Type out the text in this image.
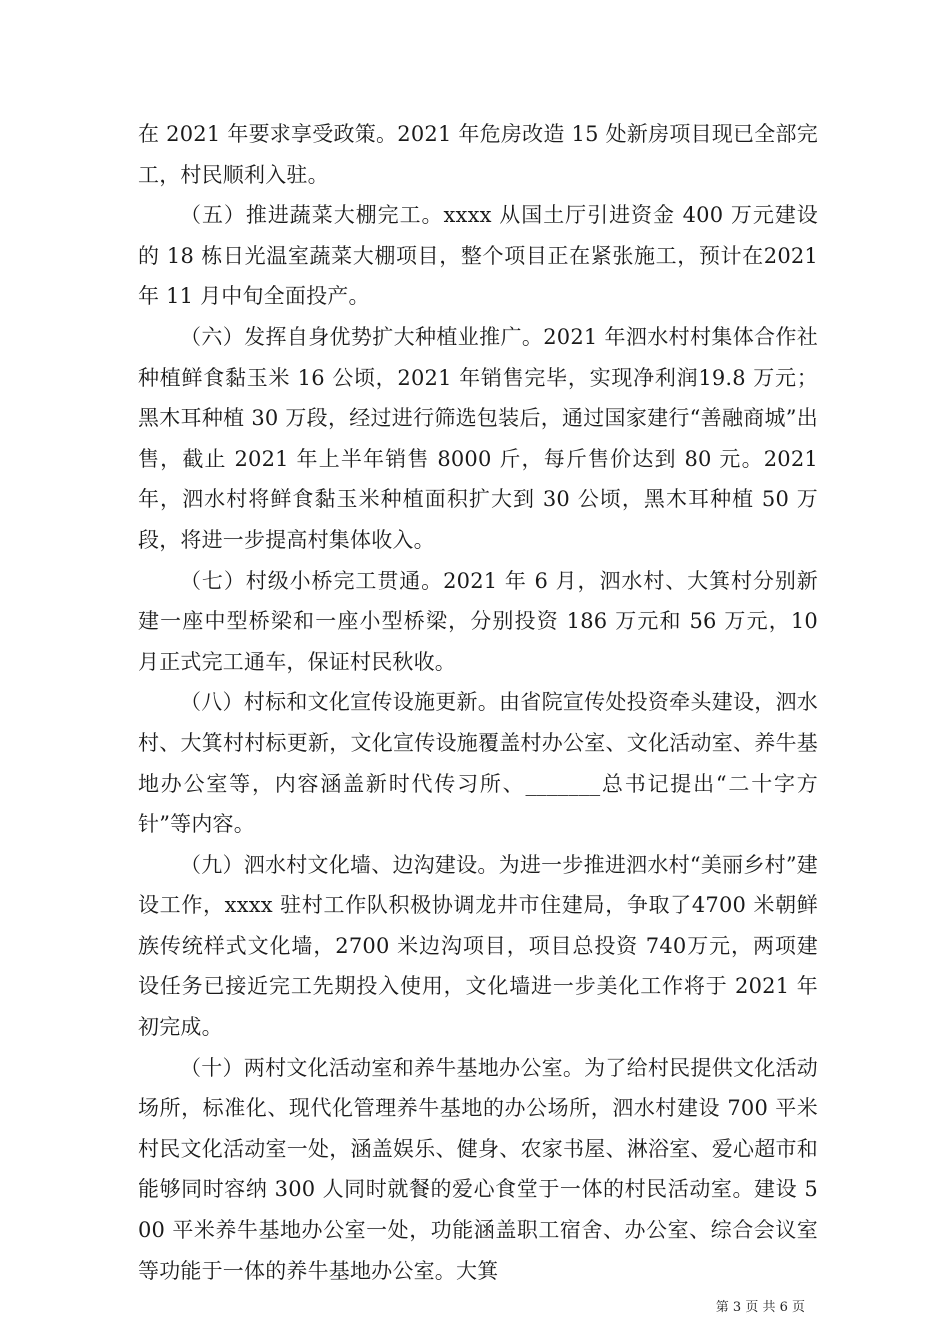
在 2021 年要求享受政策。2021 年危房改造 15 处新房项目现已全部完工，村民顺利入驻。

（五）推进蔬菜大棚完工。xxxx 从国土厅引进资金 400 万元建设的 18 栋日光温室蔬菜大棚项目，整个项目正在紧张施工，预计在2021 年 11 月中旬全面投产。

（六）发挥自身优势扩大种植业推广。2021 年泗水村村集体合作社种植鲜食黏玉米 16 公顷，2021 年销售完毕，实现净利润19.8 万元；黑木耳种植 30 万段，经过进行筛选包装后，通过国家建行“善融商城”出售，截止 2021 年上半年销售 8000 斤，每斤售价达到 80 元。2021 年，泗水村将鲜食黏玉米种植面积扩大到 30 公顷，黑木耳种植 50 万段，将进一步提高村集体收入。

（七）村级小桥完工贯通。2021 年 6 月，泗水村、大箕村分别新建一座中型桥梁和一座小型桥梁，分别投资 186 万元和 56 万元，10 月正式完工通车，保证村民秋收。

（八）村标和文化宣传设施更新。由省院宣传处投资牵头建设，泗水村、大箕村村标更新，文化宣传设施覆盖村办公室、文化活动室、养牛基地办公室等，内容涵盖新时代传习所、_______总书记提出“二十字方针”等内容。

（九）泗水村文化墙、边沟建设。为进一步推进泗水村“美丽乡村”建设工作，xxxx 驻村工作队积极协调龙井市住建局，争取了4700 米朝鲜族传统样式文化墙，2700 米边沟项目，项目总投资 740万元，两项建设任务已接近完工先期投入使用，文化墙进一步美化工作将于 2021 年初完成。

（十）两村文化活动室和养牛基地办公室。为了给村民提供文化活动场所，标准化、现代化管理养牛基地的办公场所，泗水村建设 700 平米村民文化活动室一处，涵盖娱乐、健身、农家书屋、淋浴室、爱心超市和能够同时容纳 300 人同时就餐的爱心食堂于一体的村民活动室。建设 500 平米养牛基地办公室一处，功能涵盖职工宿舍、办公室、综合会议室等功能于一体的养牛基地办公室。大箕

第 3 页 共 6 页
